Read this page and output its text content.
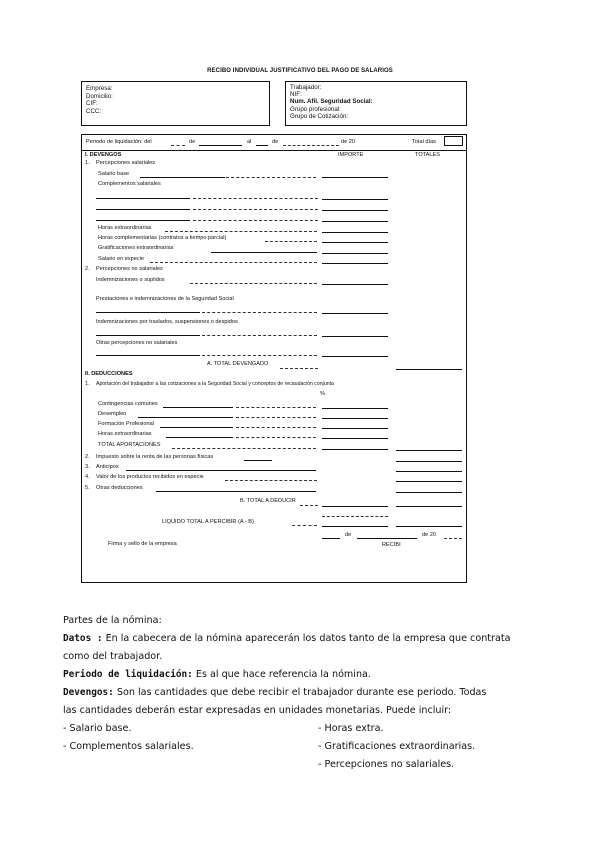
RECIBO INDIVIDUAL JUSTIFICATIVO DEL PAGO DE SALARIOS
Empresa:
Domicilio:
CIF:
CCC:
Trabajador:
NIF:
Num. Afil. Seguridad Social:
Grupo profesional:
Grupo de Cotización:
Periodo de liquidación: del	de	al	de	de 20	Total días
I. DEVENGOS	IMPORTE	TOTALES
1. Percepciones salariales
Salario base
Complementos salariales
Horas extraordinarias
Horas complementarias (contratos a tiempo parcial)
Gratificaciones extraordinarias
Salario en especie
2. Percepciones no salariales
Indemnizaciones o suplidos
Prestaciones e indemnizaciones de la Seguridad Social
Indemnizaciones por traslados, suspensiones o despidos
Otras percepciones no salariales
A. TOTAL DEVENGADO
II. DEDUCCIONES
1. Aportación del trabajador a las cotizaciones a la Seguridad Social y conceptos de recaudación conjunta
%
Contingencias comunes
Desempleo
Formación Profesional
Horas extraordinarias
TOTAL APORTACIONES
2. Impuesto sobre la renta de las personas físicas
3. Anticipos
4. Valor de los productos recibidos en especie
5. Otras deducciones
B. TOTAL A DEDUCIR
LIQUIDO TOTAL A PERCIBIR (A - B)
de	de 20
Firma y sello de la empresa	RECIBI
Partes de la nómina:
Datos : En la cabecera de la nómina aparecerán los datos tanto de la empresa que contrata
como del trabajador.
Periodo de liquidación: Es al que hace referencia la nómina.
Devengos: Son las cantidades que debe recibir el trabajador durante ese periodo. Todas
las cantidades deberán estar expresadas en unidades monetarias. Puede incluir:
- Salario base.
- Complementos salariales.
- Horas extra.
- Gratificaciones extraordinarias.
- Percepciones no salariales.
